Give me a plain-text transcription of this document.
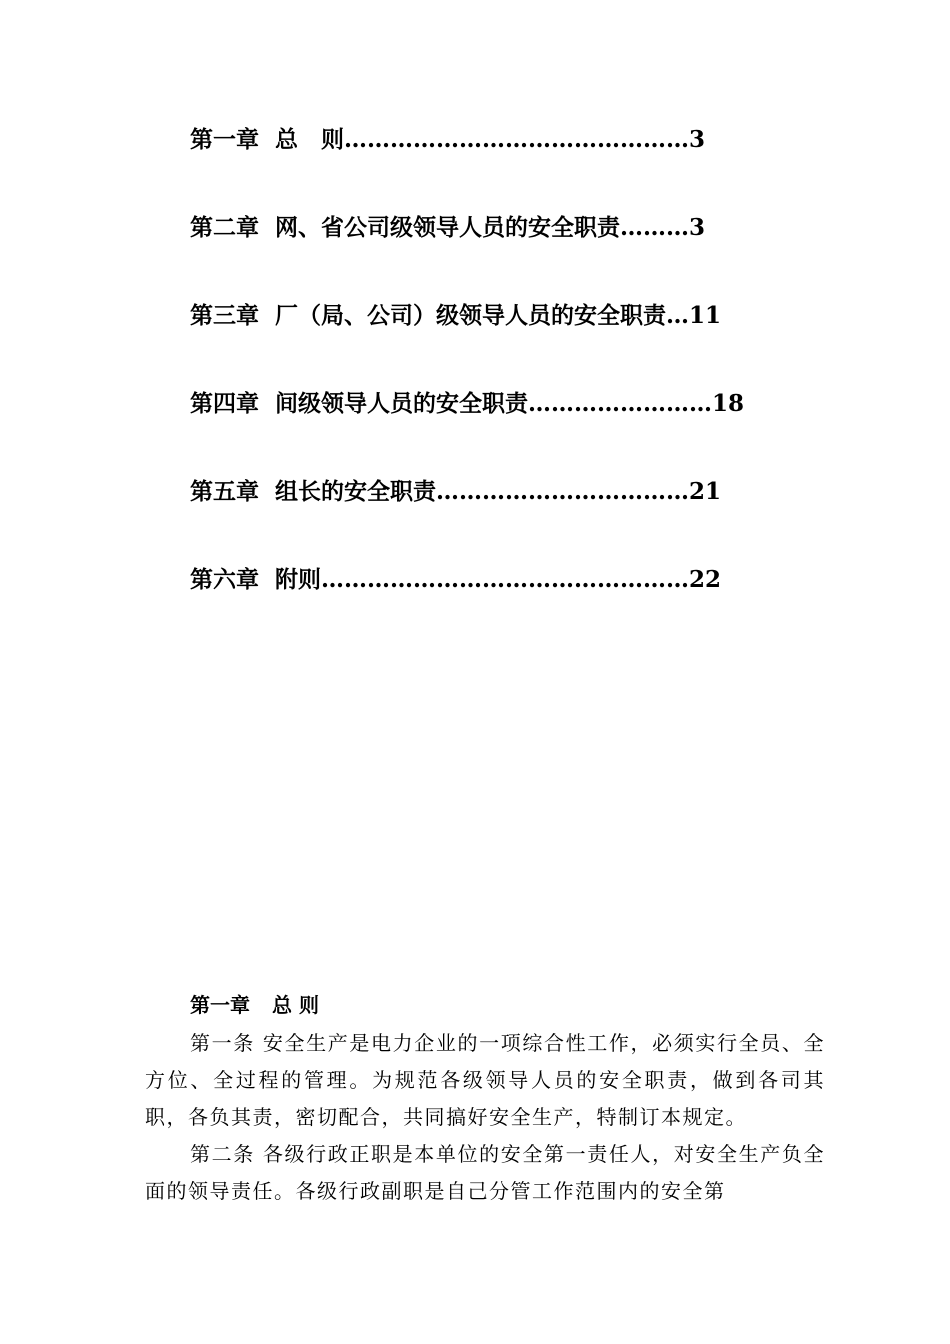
第一章 总　则………………………………………3
第二章 网、省公司级领导人员的安全职责………3
第三章 厂（局、公司）级领导人员的安全职责…11
第四章 间级领导人员的安全职责……………………18
第五章 组长的安全职责……………………………21
第六章 附则…………………………………………22
第一章 总 则

第一条 安全生产是电力企业的一项综合性工作，必须实行全员、全方位、全过程的管理。为规范各级领导人员的安全职责，做到各司其职，各负其责，密切配合，共同搞好安全生产，特制订本规定。

第二条 各级行政正职是本单位的安全第一责任人，对安全生产负全面的领导责任。各级行政副职是自己分管工作范围内的安全第
